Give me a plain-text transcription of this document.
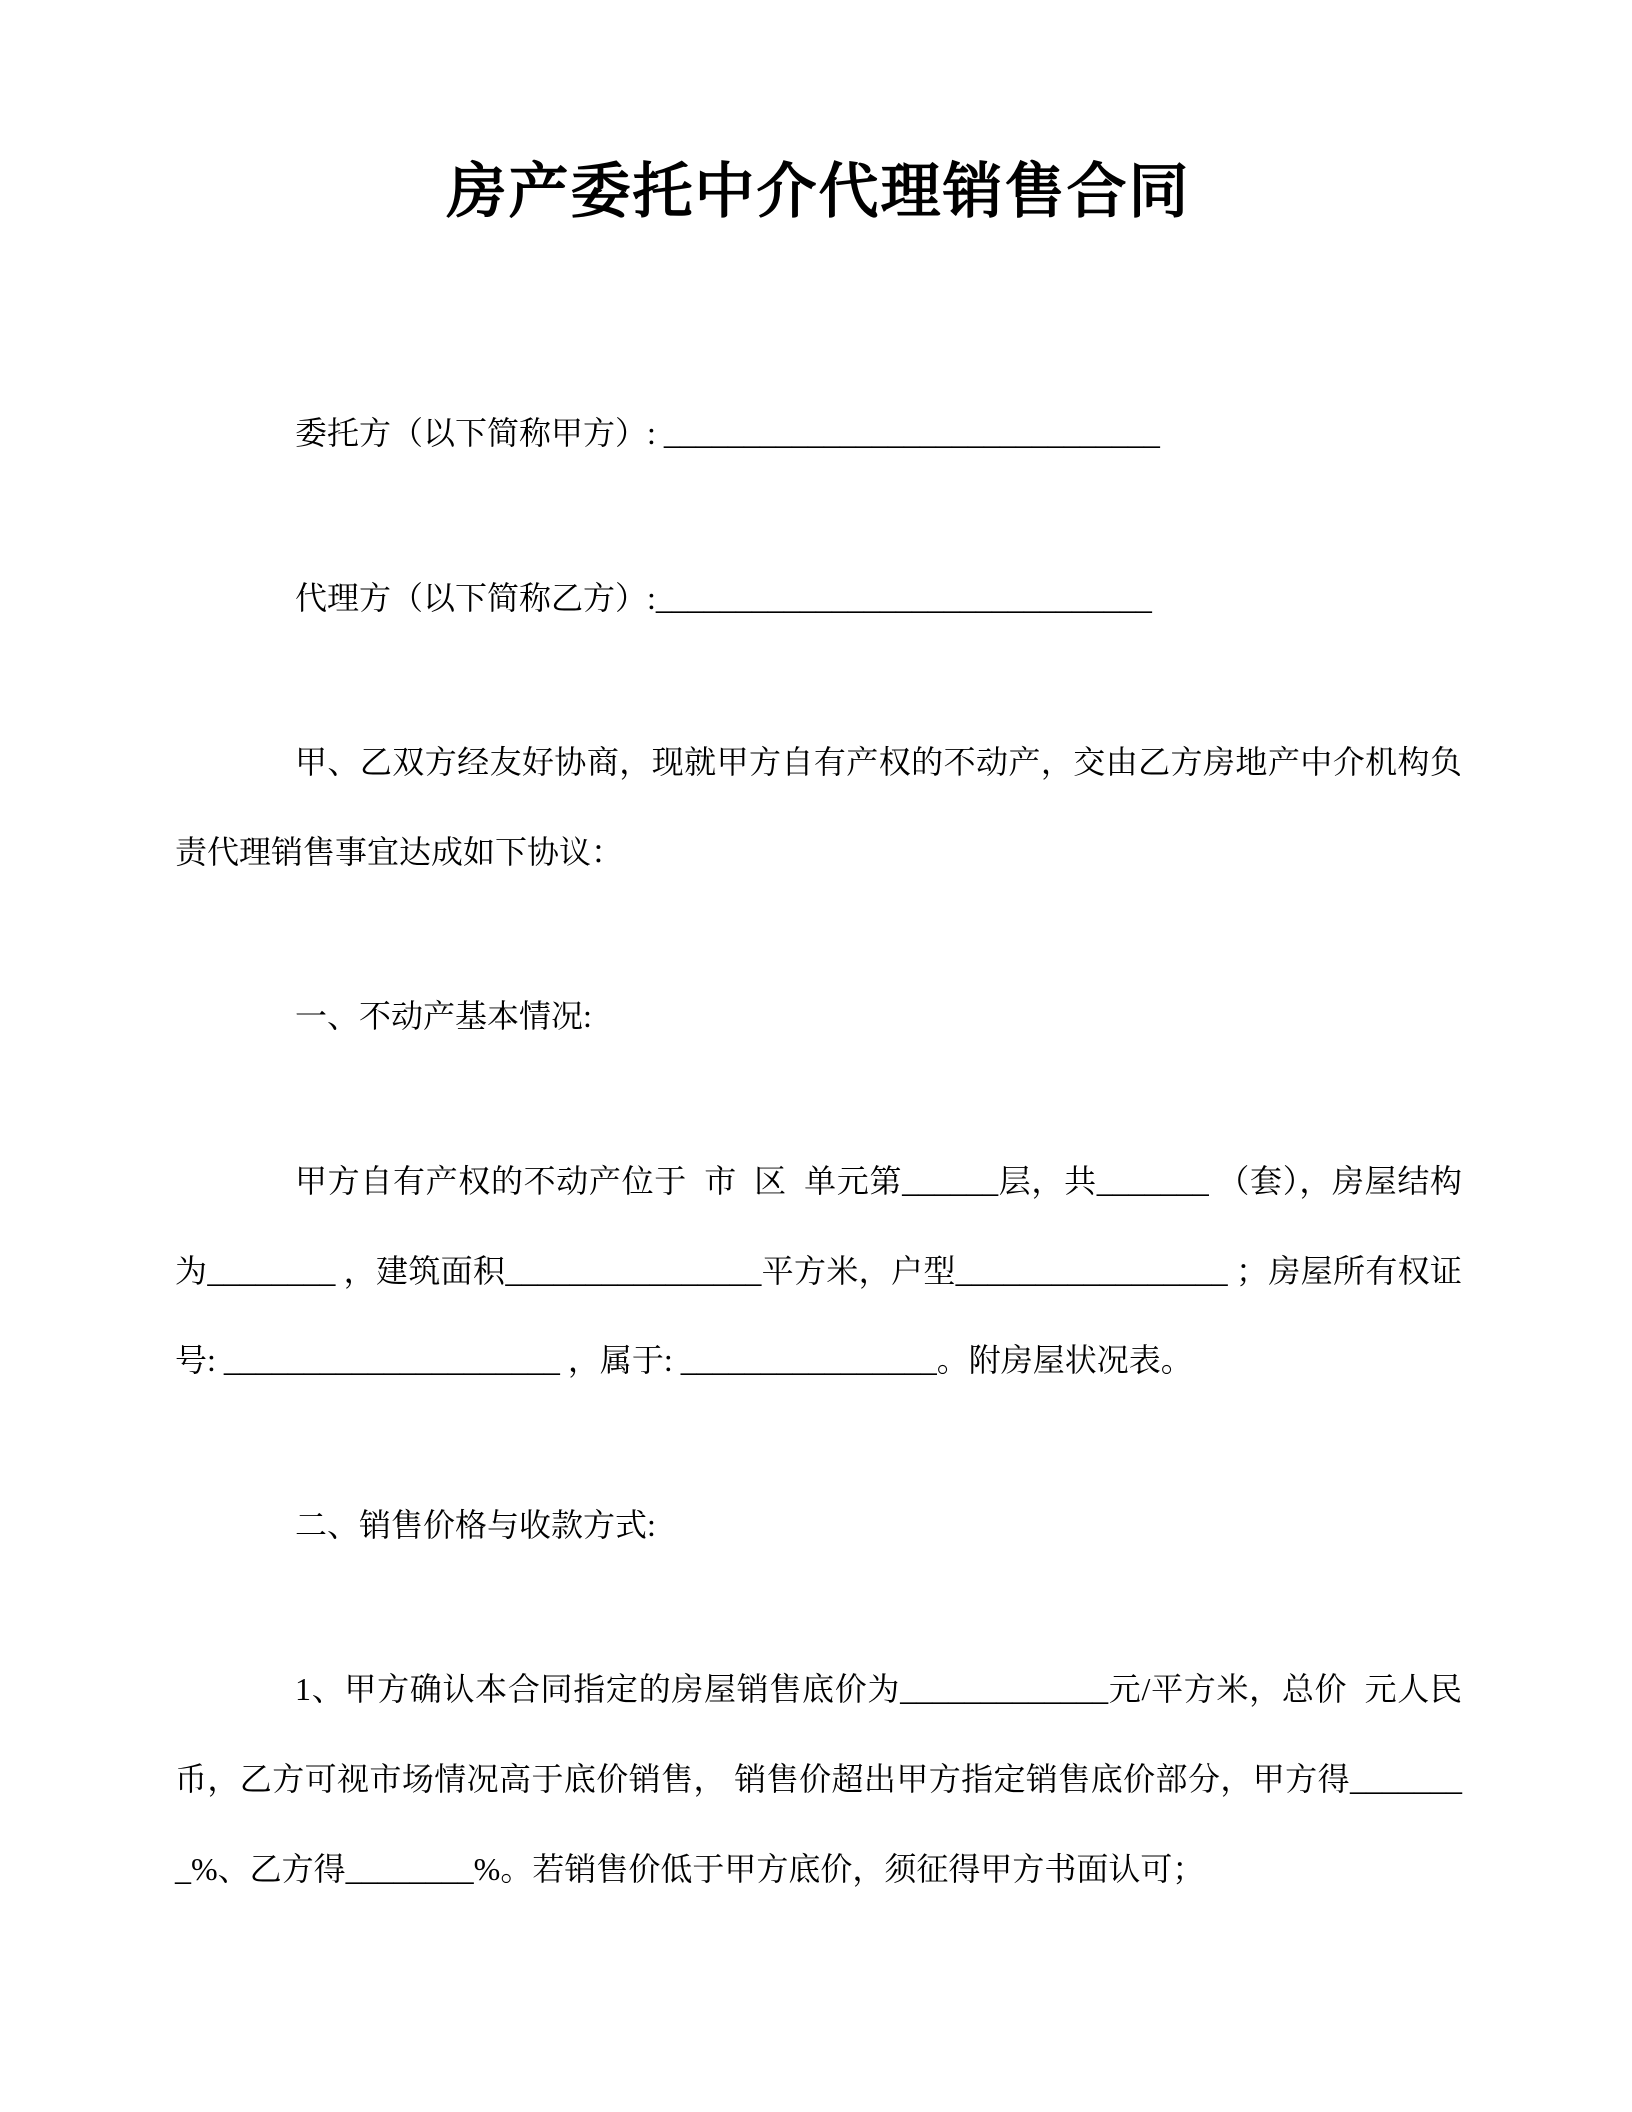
房产委托中介代理销售合同

委托方（以下简称甲方）: _______________________________

代理方（以下简称乙方）:_______________________________

甲、乙双方经友好协商，现就甲方自有产权的不动产，交由乙方房地产中介机构负责代理销售事宜达成如下协议：

一、不动产基本情况:

甲方自有产权的不动产位于  市  区  单元第______层，共_______ （套），房屋结构为________ ，建筑面积________________平方米，户型_________________ ；房屋所有权证号: _____________________ ，属于: ________________。附房屋状况表。

二、销售价格与收款方式:

1、甲方确认本合同指定的房屋销售底价为_____________元/平方米，总价  元人民币，乙方可视市场情况高于底价销售， 销售价超出甲方指定销售底价部分，甲方得________%、乙方得________%。若销售价低于甲方底价，须征得甲方书面认可；
